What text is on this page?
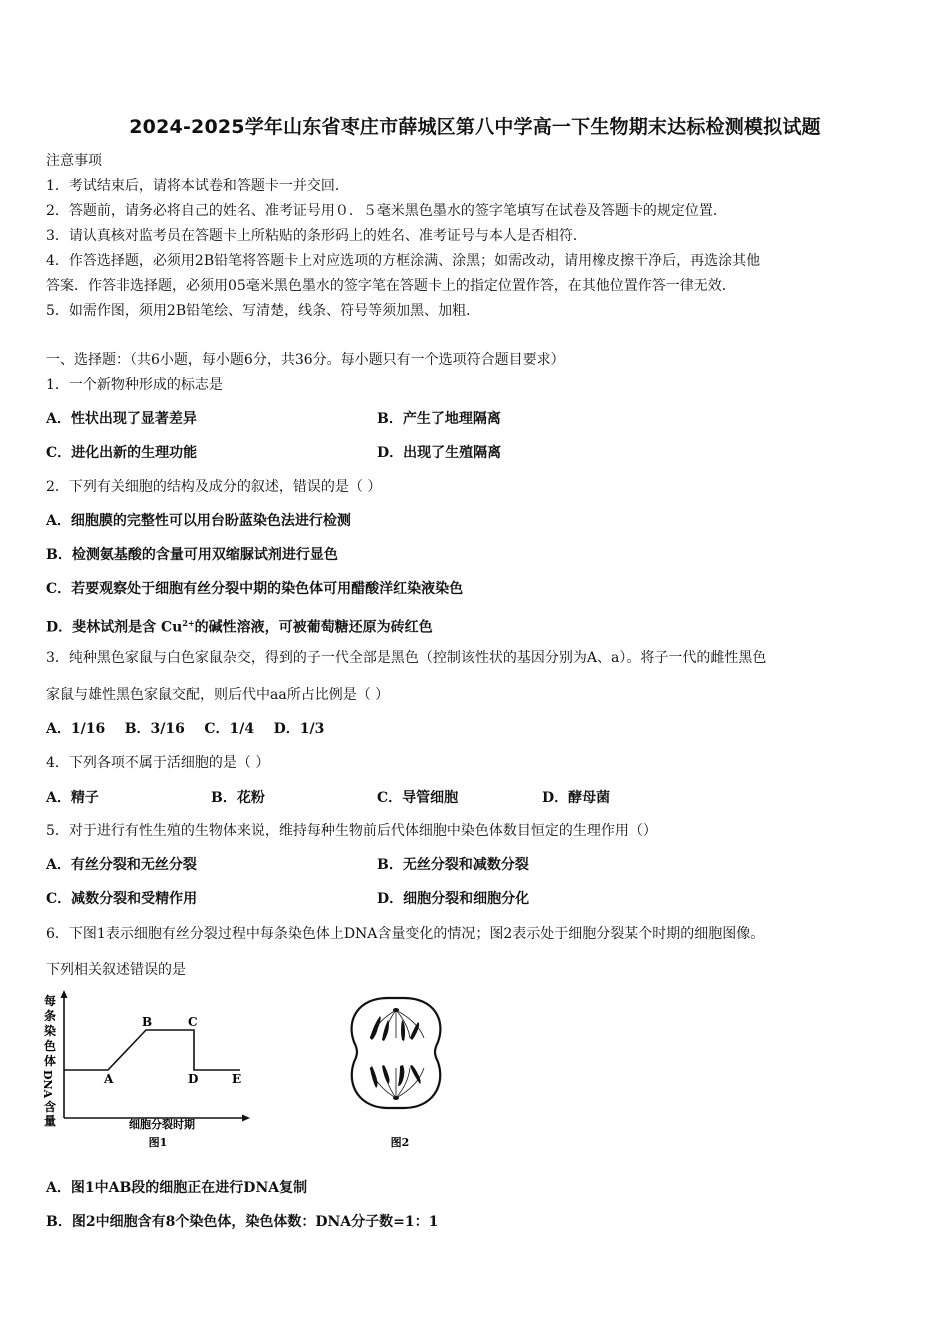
2024-2025学年山东省枣庄市薛城区第八中学高一下生物期末达标检测模拟试题
注意事项
1．考试结束后，请将本试卷和答题卡一并交回．
2．答题前，请务必将自己的姓名、准考证号用０．５毫米黑色墨水的签字笔填写在试卷及答题卡的规定位置．
3．请认真核对监考员在答题卡上所粘贴的条形码上的姓名、准考证号与本人是否相符．
4．作答选择题，必须用2B铅笔将答题卡上对应选项的方框涂满、涂黑；如需改动，请用橡皮擦干净后，再选涂其他
答案．作答非选择题，必须用05毫米黑色墨水的签字笔在答题卡上的指定位置作答，在其他位置作答一律无效．
5．如需作图，须用2B铅笔绘、写清楚，线条、符号等须加黑、加粗．
一、选择题：（共6小题，每小题6分，共36分。每小题只有一个选项符合题目要求）
1．一个新物种形成的标志是
A．性状出现了显著差异	B．产生了地理隔离
C．进化出新的生理功能	D．出现了生殖隔离
2．下列有关细胞的结构及成分的叙述，错误的是（ ）
A．细胞膜的完整性可以用台盼蓝染色法进行检测
B．检测氨基酸的含量可用双缩脲试剂进行显色
C．若要观察处于细胞有丝分裂中期的染色体可用醋酸洋红染液染色
D．斐林试剂是含 $Cu^{2+}$的碱性溶液，可被葡萄糖还原为砖红色
3．纯种黑色家鼠与白色家鼠杂交，得到的子一代全部是黑色（控制该性状的基因分别为A、a）。将子一代的雌性黑色
家鼠与雄性黑色家鼠交配，则后代中aa所占比例是（ ）
A．1/16    B．3/16    C．1/4    D．1/3
4．下列各项不属于活细胞的是（ ）
A．精子	B．花粉	C．导管细胞	D．酵母菌
5．对于进行有性生殖的生物体来说，维持每种生物前后代体细胞中染色体数目恒定的生理作用（）
A．有丝分裂和无丝分裂	B．无丝分裂和减数分裂
C．减数分裂和受精作用	D．细胞分裂和细胞分化
6．下图1表示细胞有丝分裂过程中每条染色体上DNA含量变化的情况；图2表示处于细胞分裂某个时期的细胞图像。
下列相关叙述错误的是
每
条
染
色
体
DNA
含
量
A
B	C
D	E
细胞分裂时期
图1	图2
A．图1中AB段的细胞正在进行DNA复制
B．图2中细胞含有8个染色体，染色体数：DNA分子数=1：1
